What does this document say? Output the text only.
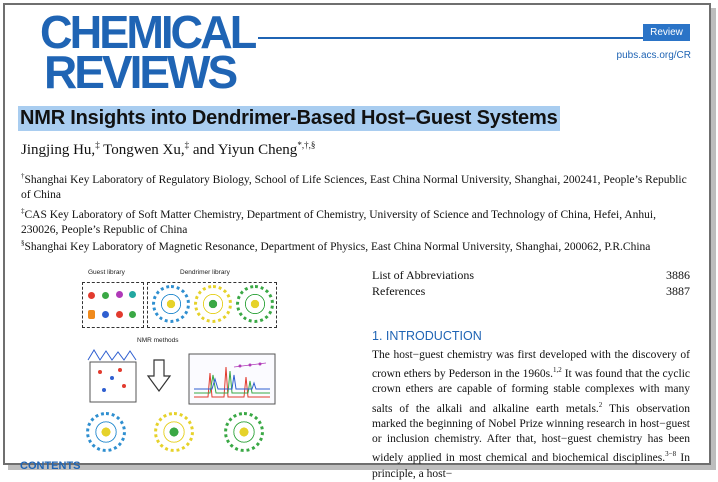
CHEMICAL
REVIEWS
Review
pubs.acs.org/CR
NMR Insights into Dendrimer-Based Host–Guest Systems
Jingjing Hu,‡ Tongwen Xu,‡ and Yiyun Cheng*,†,§
†Shanghai Key Laboratory of Regulatory Biology, School of Life Sciences, East China Normal University, Shanghai, 200241, People’s Republic of China
‡CAS Key Laboratory of Soft Matter Chemistry, Department of Chemistry, University of Science and Technology of China, Hefei, Anhui, 230026, People’s Republic of China
§Shanghai Key Laboratory of Magnetic Resonance, Department of Physics, East China Normal University, Shanghai, 200062, P.R.China
Guest library	Dendrimer library
NMR methods
List of Abbreviations	3886
References	3887
1. INTRODUCTION
The host−guest chemistry was first developed with the discovery of crown ethers by Pederson in the 1960s.$^{1,2}$ It was found that the cyclic crown ethers are capable of forming stable complexes with many salts of the alkali and alkaline earth metals.$^2$ This observation marked the beginning of Nobel Prize winning research in host−guest or inclusion chemistry. After that, host−guest chemistry has been widely applied in most chemical and biochemical disciplines.$^{3-8}$ In principle, a host−
CONTENTS
